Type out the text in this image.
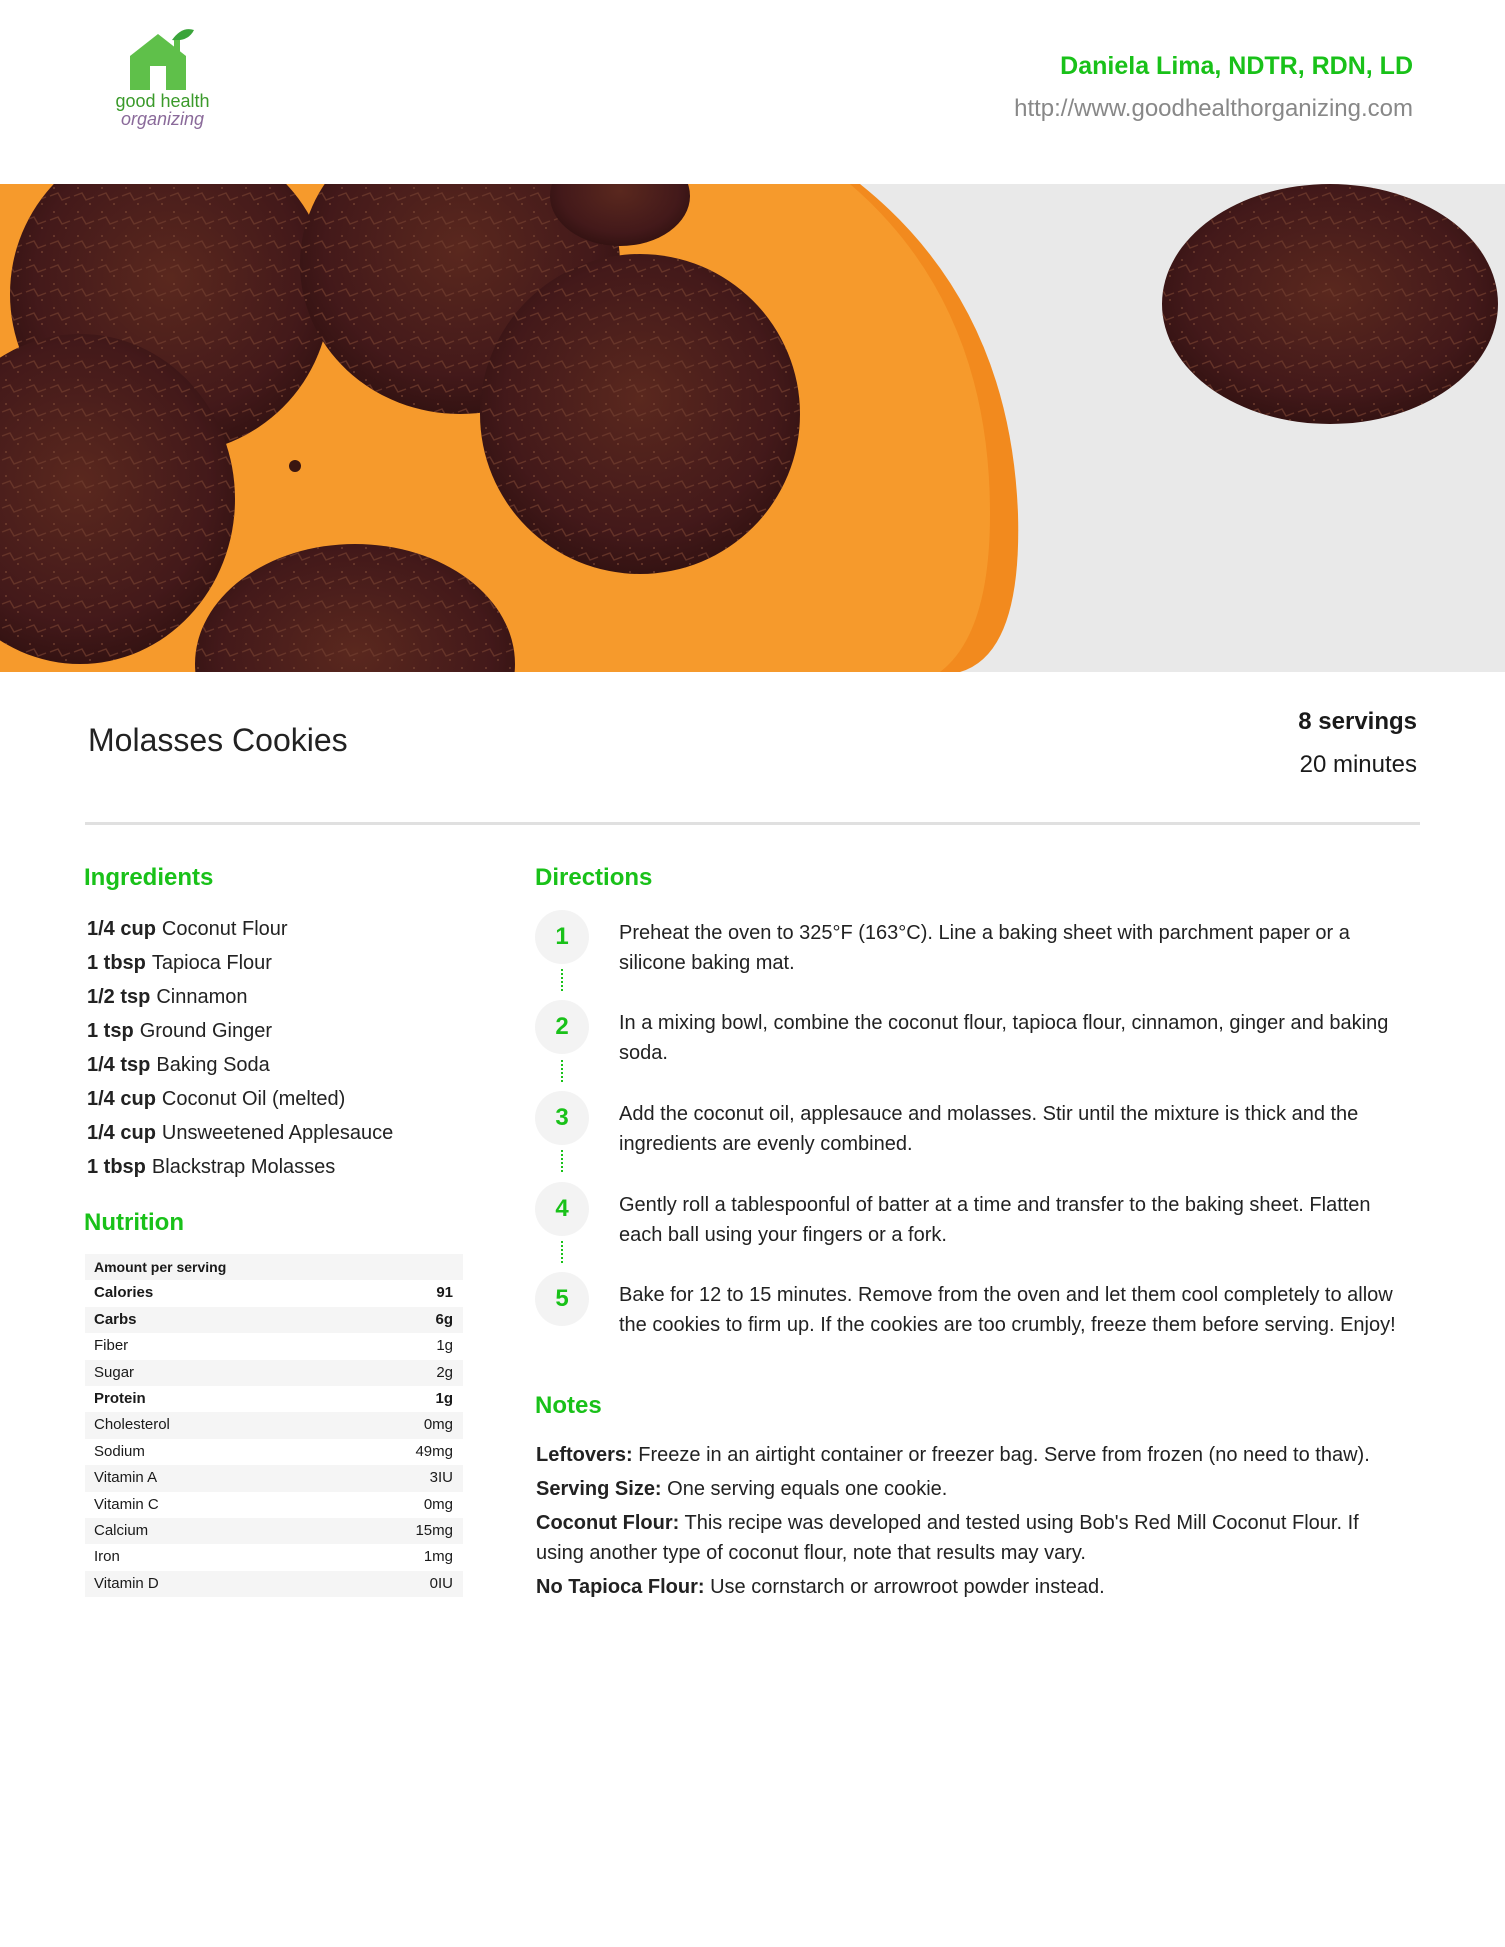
good health
organizing
Daniela Lima, NDTR, RDN, LD
http://www.goodhealthorganizing.com
Molasses Cookies
8 servings
20 minutes
Ingredients
1/4 cup Coconut Flour
1 tbsp Tapioca Flour
1/2 tsp Cinnamon
1 tsp Ground Ginger
1/4 tsp Baking Soda
1/4 cup Coconut Oil (melted)
1/4 cup Unsweetened Applesauce
1 tbsp Blackstrap Molasses
Nutrition
Amount per serving
Calories	91
Carbs	6g
Fiber	1g
Sugar	2g
Protein	1g
Cholesterol	0mg
Sodium	49mg
Vitamin A	3IU
Vitamin C	0mg
Calcium	15mg
Iron	1mg
Vitamin D	0IU
Directions
1	Preheat the oven to 325°F (163°C). Line a baking sheet with parchment paper or a silicone baking mat.
2	In a mixing bowl, combine the coconut flour, tapioca flour, cinnamon, ginger and baking soda.
3	Add the coconut oil, applesauce and molasses. Stir until the mixture is thick and the ingredients are evenly combined.
4	Gently roll a tablespoonful of batter at a time and transfer to the baking sheet. Flatten each ball using your fingers or a fork.
5	Bake for 12 to 15 minutes. Remove from the oven and let them cool completely to allow the cookies to firm up. If the cookies are too crumbly, freeze them before serving. Enjoy!
Notes

Leftovers: Freeze in an airtight container or freezer bag. Serve from frozen (no need to thaw).

Serving Size: One serving equals one cookie.

Coconut Flour: This recipe was developed and tested using Bob's Red Mill Coconut Flour. If using another type of coconut flour, note that results may vary.

No Tapioca Flour: Use cornstarch or arrowroot powder instead.
